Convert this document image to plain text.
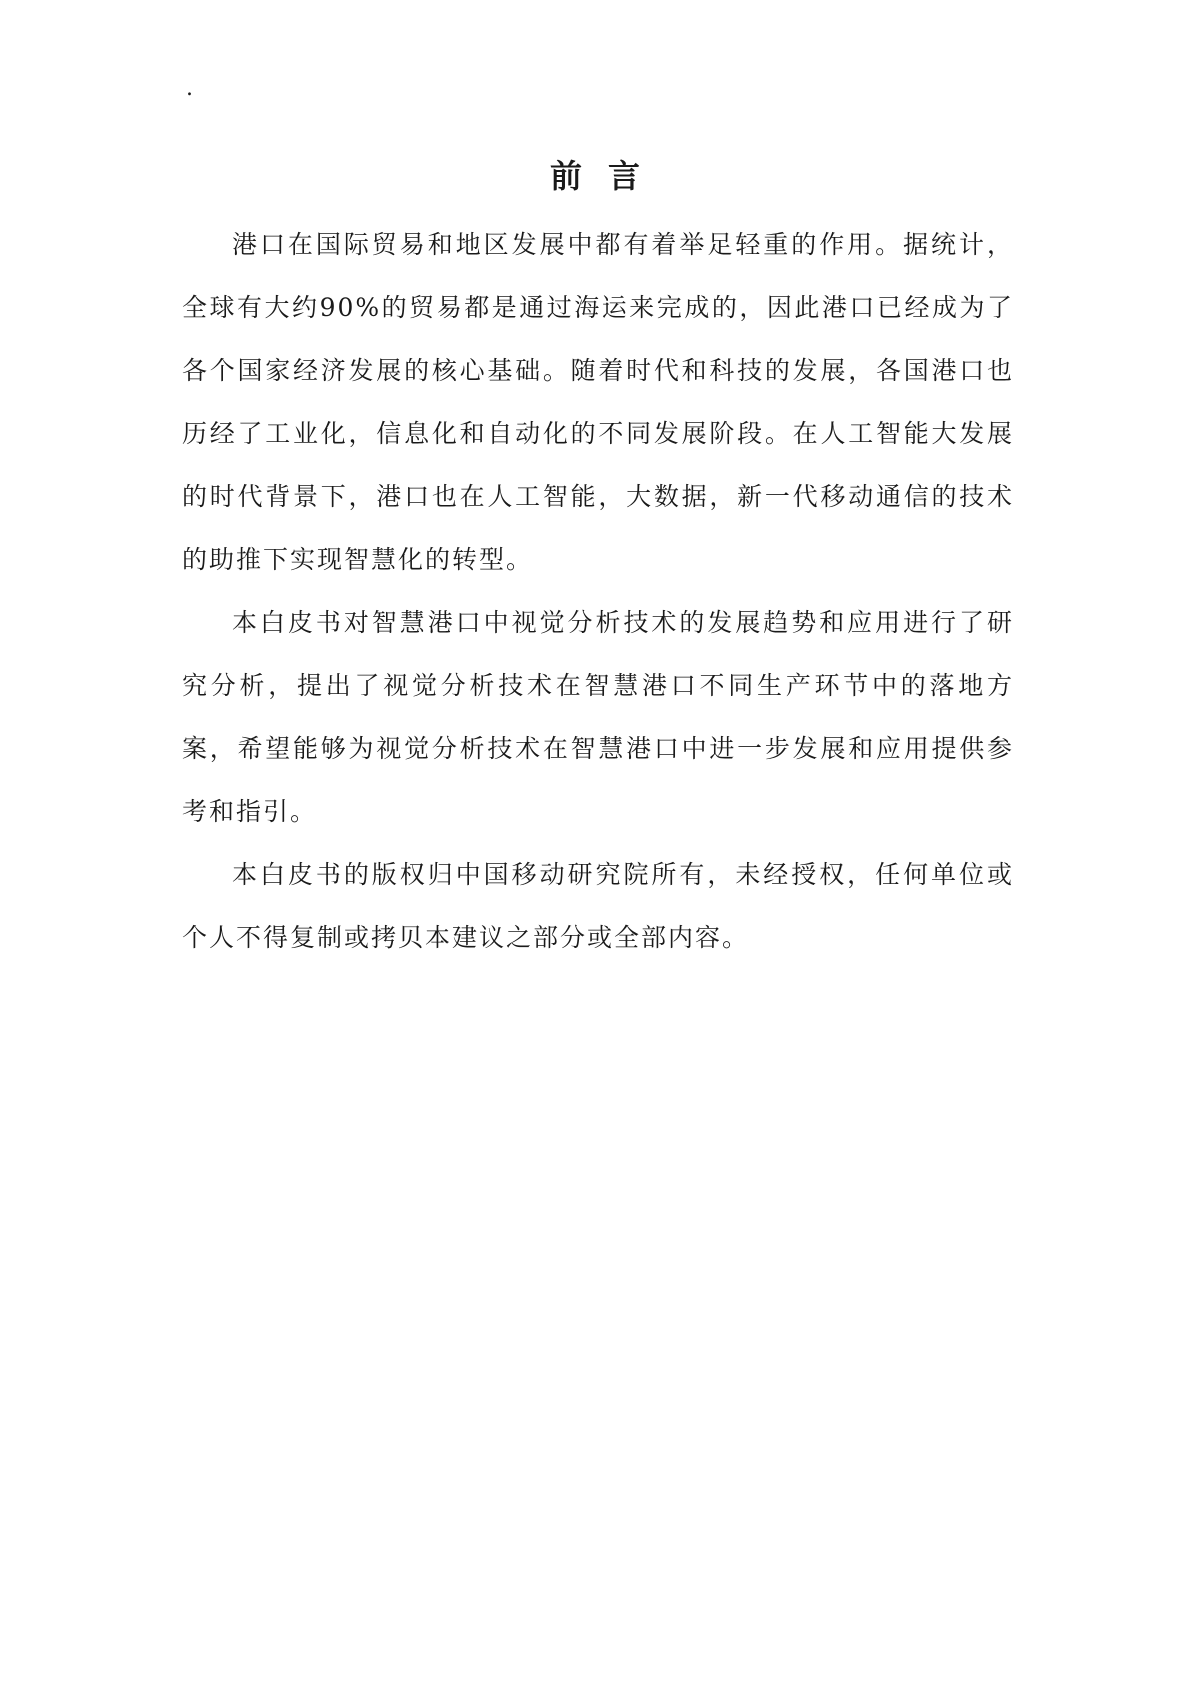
.
前言

港口在国际贸易和地区发展中都有着举足轻重的作用。据统计，全球有大约90%的贸易都是通过海运来完成的，因此港口已经成为了各个国家经济发展的核心基础。随着时代和科技的发展，各国港口也历经了工业化，信息化和自动化的不同发展阶段。在人工智能大发展的时代背景下，港口也在人工智能，大数据，新一代移动通信的技术的助推下实现智慧化的转型。

本白皮书对智慧港口中视觉分析技术的发展趋势和应用进行了研究分析，提出了视觉分析技术在智慧港口不同生产环节中的落地方案，希望能够为视觉分析技术在智慧港口中进一步发展和应用提供参考和指引。

本白皮书的版权归中国移动研究院所有，未经授权，任何单位或个人不得复制或拷贝本建议之部分或全部内容。
